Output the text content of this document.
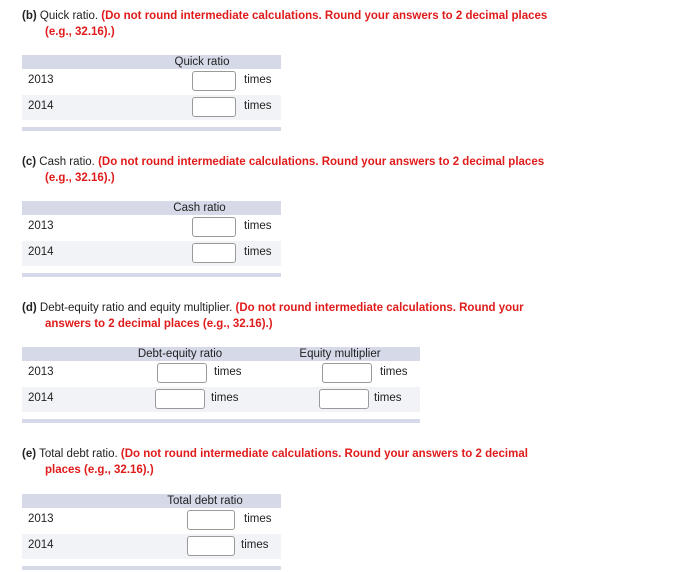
(b) Quick ratio. (Do not round intermediate calculations. Round your answers to 2 decimal places
(e.g., 32.16).)
Quick ratio
2013	times
2014	times
(c) Cash ratio. (Do not round intermediate calculations. Round your answers to 2 decimal places
(e.g., 32.16).)
Cash ratio
2013	times
2014	times
(d) Debt-equity ratio and equity multiplier. (Do not round intermediate calculations. Round your
answers to 2 decimal places (e.g., 32.16).)
Debt-equity ratio	Equity multiplier
2013	times	times
2014	times	times
(e) Total debt ratio. (Do not round intermediate calculations. Round your answers to 2 decimal
places (e.g., 32.16).)
Total debt ratio
2013	times
2014	times
